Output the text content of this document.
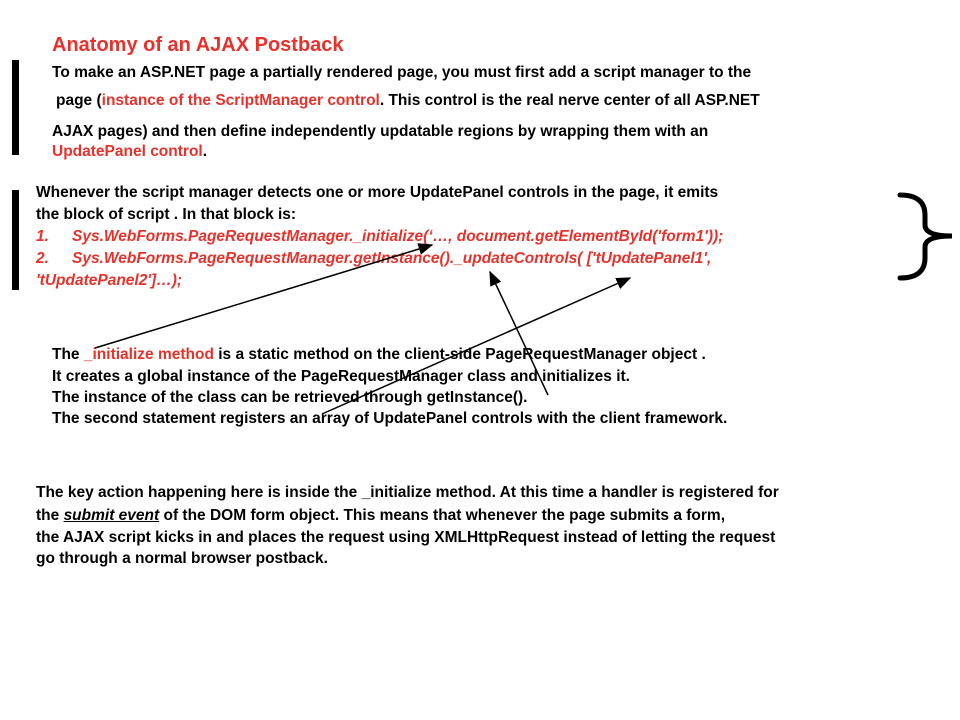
Anatomy of an AJAX Postback
To make an ASP.NET page a partially rendered page, you must first add a script manager to the
page (instance of the ScriptManager control. This control is the real nerve center of all ASP.NET
AJAX pages) and then define independently updatable regions by wrapping them with an
UpdatePanel control.
Whenever the script manager detects one or more UpdatePanel controls in the page, it emits
the block of script . In that block is:
1. Sys.WebForms.PageRequestManager._initialize(‘…, document.getElementById('form1'));
2. Sys.WebForms.PageRequestManager.getInstance()._updateControls( ['tUpdatePanel1',
'tUpdatePanel2']…);
The _initialize method is a static method on the client-side PageRequestManager object .
It creates a global instance of the PageRequestManager class and initializes it.
The instance of the class can be retrieved through getInstance().
The second statement registers an array of UpdatePanel controls with the client framework.
The key action happening here is inside the _initialize method. At this time a handler is registered for
the submit event of the DOM form object. This means that whenever the page submits a form,
the AJAX script kicks in and places the request using XMLHttpRequest instead of letting the request
go through a normal browser postback.
